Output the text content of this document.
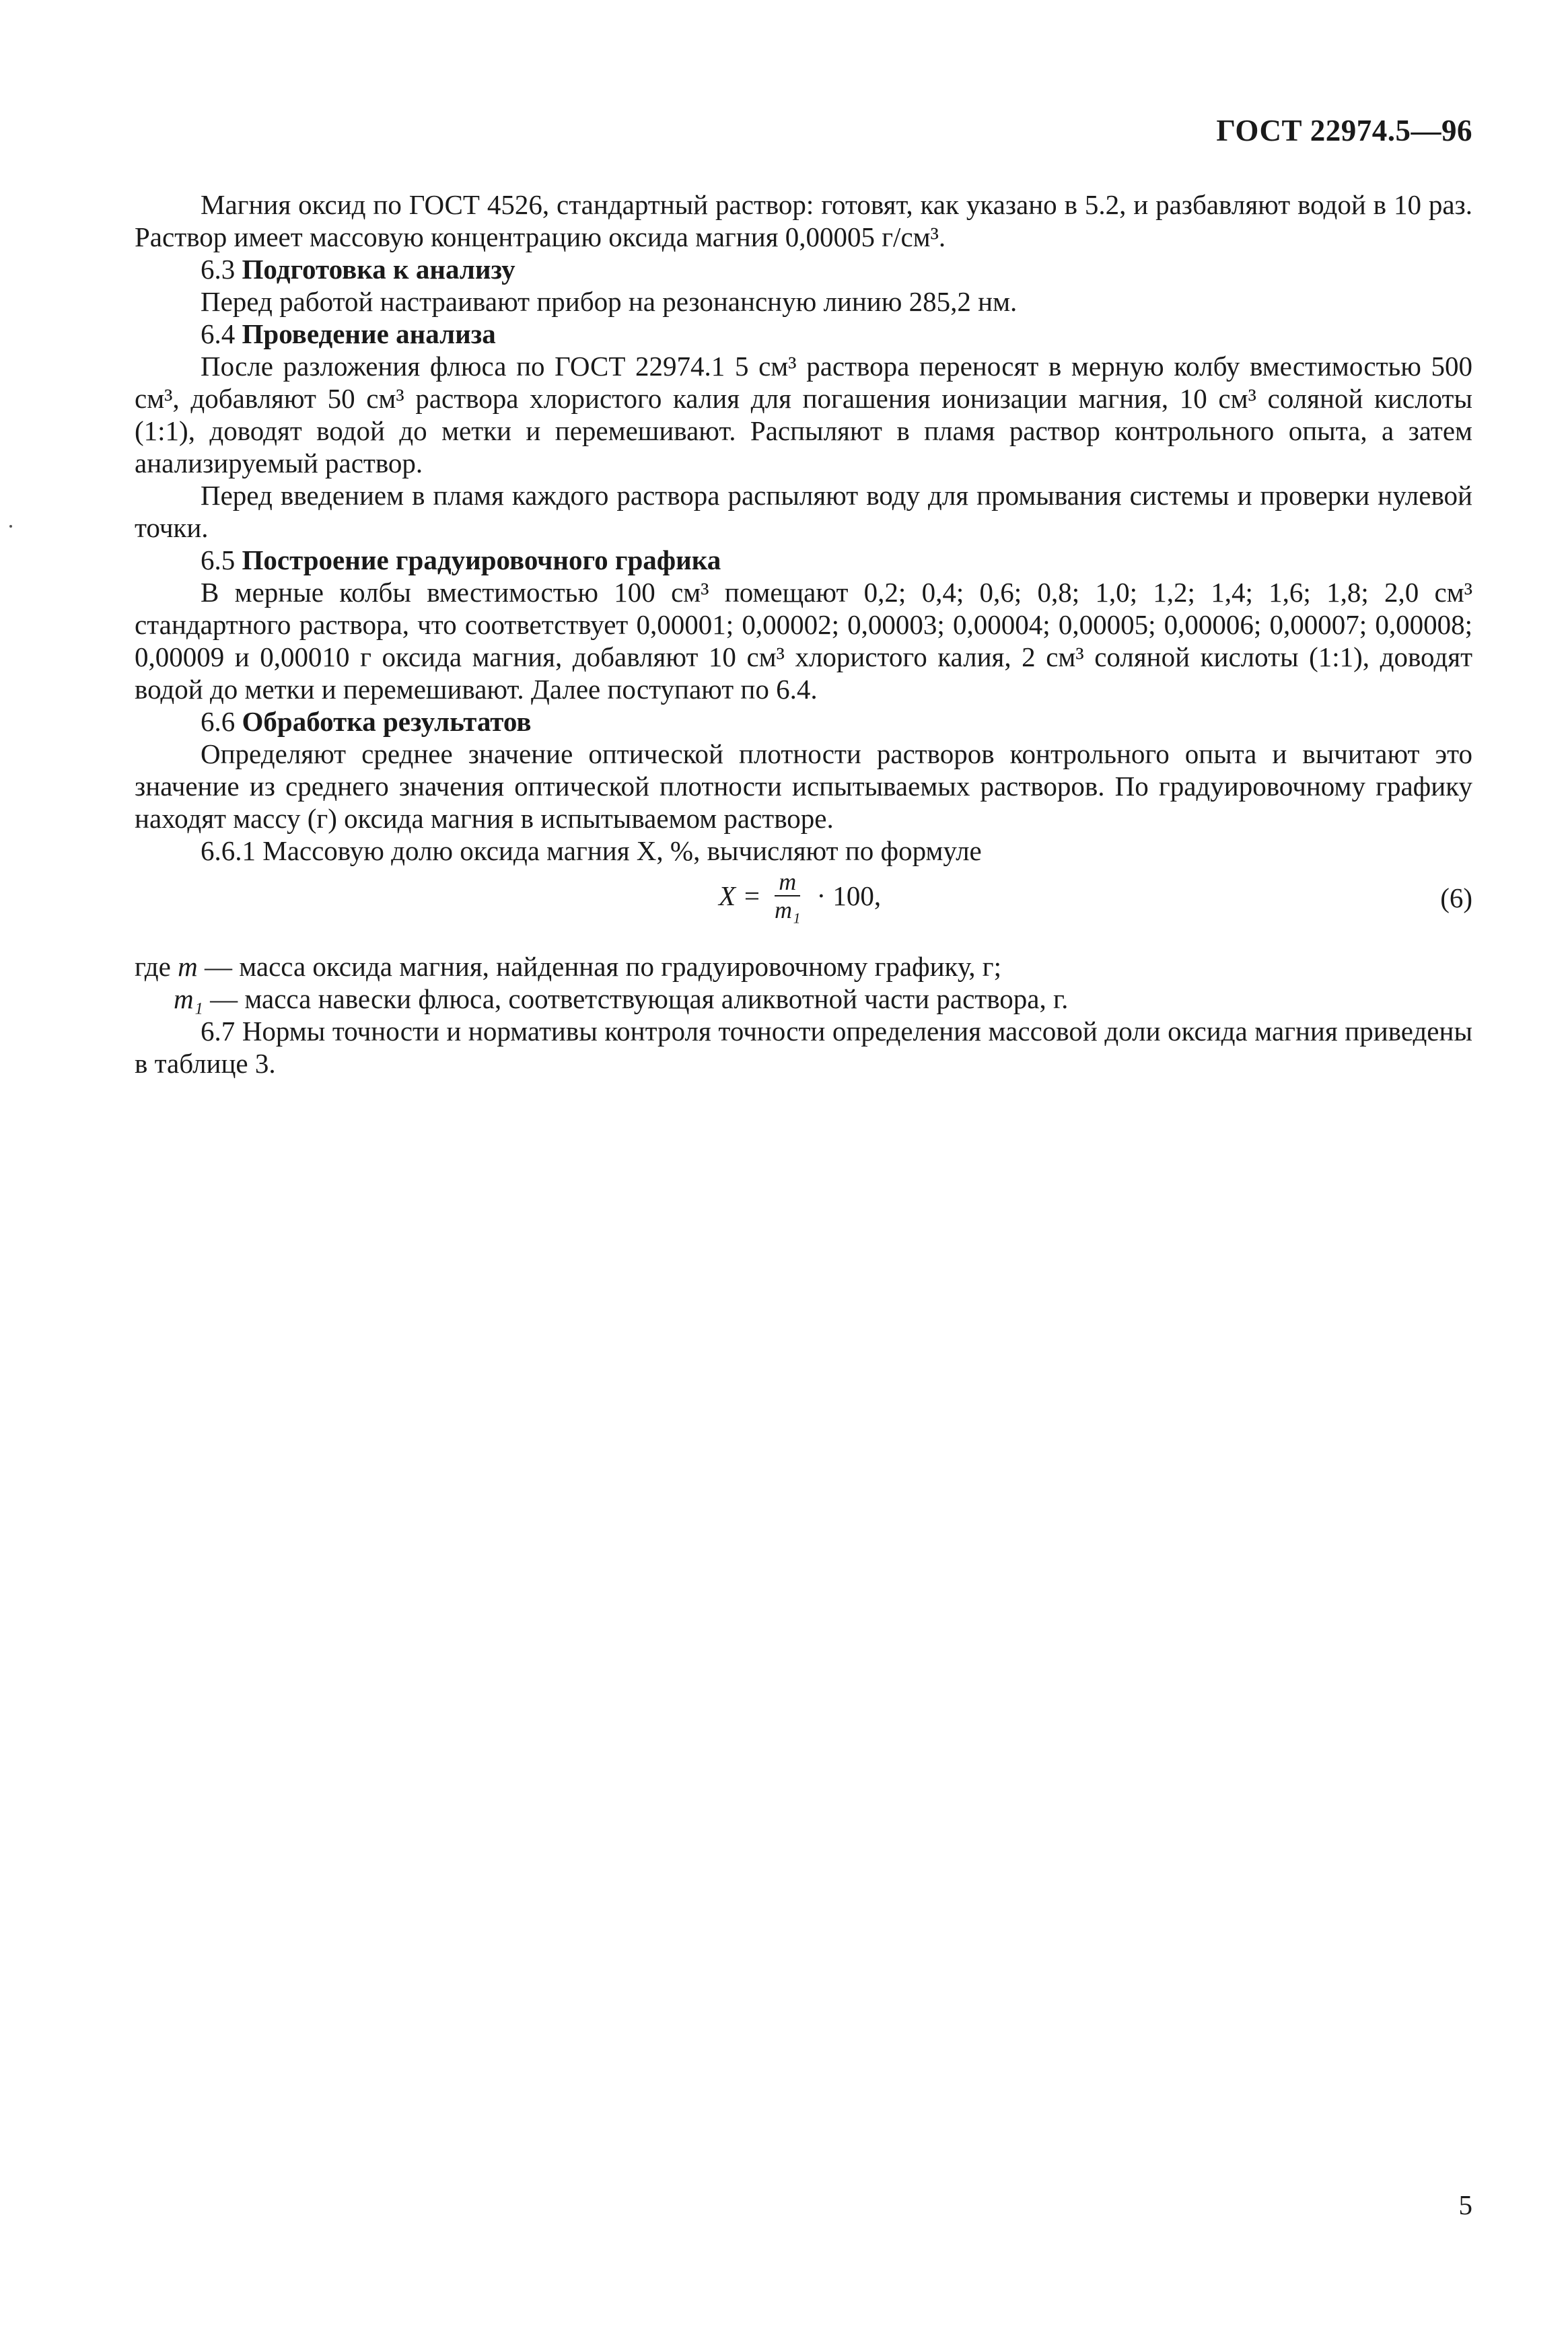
ГОСТ 22974.5—96

Магния оксид по ГОСТ 4526, стандартный раствор: готовят, как указано в 5.2, и разбавляют водой в 10 раз. Раствор имеет массовую концентрацию оксида магния 0,00005 г/см³.

6.3 Подготовка к анализу

Перед работой настраивают прибор на резонансную линию 285,2 нм.

6.4 Проведение анализа

После разложения флюса по ГОСТ 22974.1 5 см³ раствора переносят в мерную колбу вместимостью 500 см³, добавляют 50 см³ раствора хлористого калия для погашения ионизации магния, 10 см³ соляной кислоты (1:1), доводят водой до метки и перемешивают. Распыляют в пламя раствор контрольного опыта, а затем анализируемый раствор.

Перед введением в пламя каждого раствора распыляют воду для промывания системы и проверки нулевой точки.

6.5 Построение градуировочного графика

В мерные колбы вместимостью 100 см³ помещают 0,2; 0,4; 0,6; 0,8; 1,0; 1,2; 1,4; 1,6; 1,8; 2,0 см³ стандартного раствора, что соответствует 0,00001; 0,00002; 0,00003; 0,00004; 0,00005; 0,00006; 0,00007; 0,00008; 0,00009 и 0,00010 г оксида магния, добавляют 10 см³ хлористого калия, 2 см³ соляной кислоты (1:1), доводят водой до метки и перемешивают. Далее поступают по 6.4.

6.6 Обработка результатов

Определяют среднее значение оптической плотности растворов контрольного опыта и вычитают это значение из среднего значения оптической плотности испытываемых растворов. По градуировочному графику находят массу (г) оксида магния в испытываемом растворе.

6.6.1 Массовую долю оксида магния X, %, вычисляют по формуле

$X = \frac{m}{\text{m₁}} \cdot 100$,	(6)

где m — масса оксида магния, найденная по градуировочному графику, г;

m₁ — масса навески флюса, соответствующая аликвотной части раствора, г.

6.7 Нормы точности и нормативы контроля точности определения массовой доли оксида магния приведены в таблице 3.

5
